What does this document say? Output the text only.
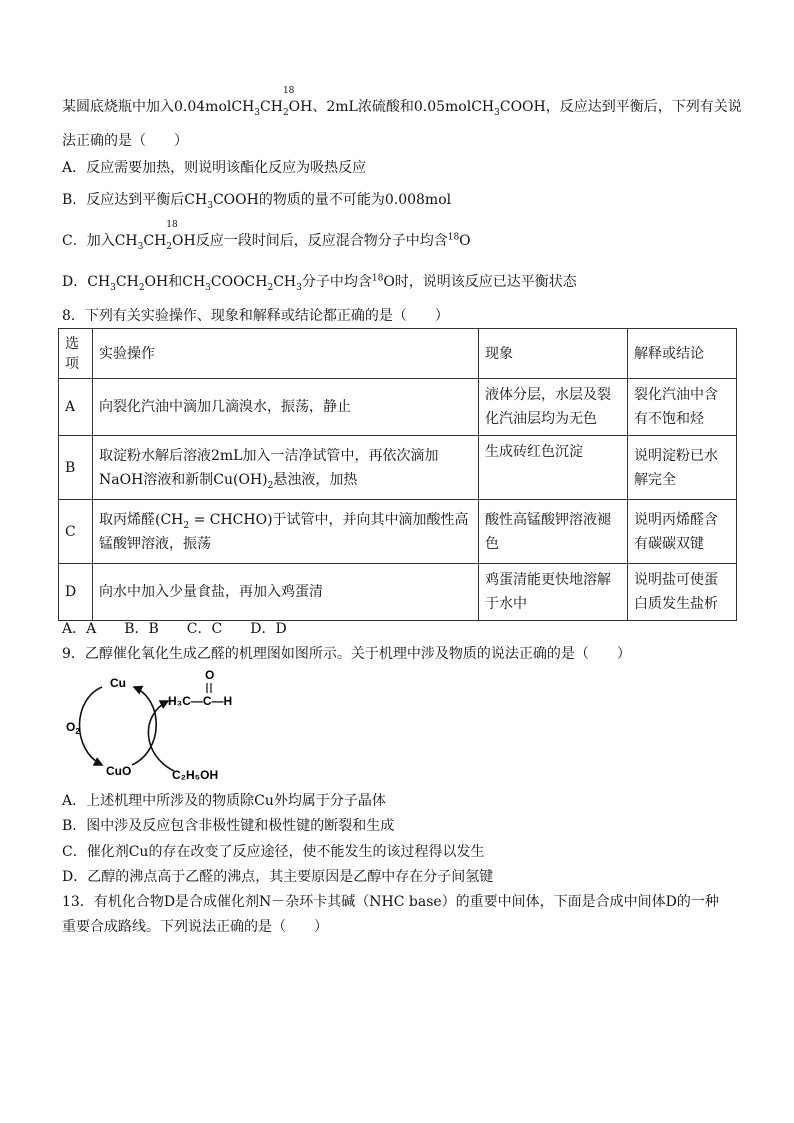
某圆底烧瓶中加入0.04molCH$_3$CH
18
$_2$OH、2mL浓硫酸和0.05molCH$_3$COOH，反应达到平衡后，下列有关说
法正确的是（　　）
A．反应需要加热，则说明该酯化反应为吸热反应
B．反应达到平衡后$CH_3COOH$的物质的量不可能为0.008mol
C．加入$CH_3CH$
18
$_2$OH反应一段时间后，反应混合物分子中均含$^{18}$O
D．$CH_3CH_2OH$和$CH_3COOCH_2CH_3$分子中均含$^{18}$O时，说明该反应已达平衡状态
8．下列有关实验操作、现象和解释或结论都正确的是（　　）
选
项	实验操作	现象	解释或结论
A	向裂化汽油中滴加几滴溴水，振荡，静止	液体分层，水层及裂化汽油层均为无色	裂化汽油中含有不饱和烃
B	取淀粉水解后溶液2mL加入一洁净试管中，再依次滴加
NaOH溶液和新制$Cu(OH)_2$悬浊液，加热	生成砖红色沉淀	说明淀粉已水解完全
C	取丙烯醛($CH_2$ = CHCHO)于试管中，并向其中滴加酸性高锰酸钾溶液，振荡	酸性高锰酸钾溶液褪色	说明丙烯醛含有碳碳双键
D	向水中加入少量食盐，再加入鸡蛋清	鸡蛋清能更快地溶解于水中	说明盐可使蛋白质发生盐析
A．A　　B．B　　C．C　　D．D
9．乙醇催化氧化生成乙醛的机理图如图所示。关于机理中涉及物质的说法正确的是（　　）
Cu
CuO
$O_2$
H₃C—C—H
O
C₂H₅OH
A．上述机理中所涉及的物质除Cu外均属于分子晶体
B．图中涉及反应包含非极性键和极性键的断裂和生成
C．催化剂Cu的存在改变了反应途径，使不能发生的该过程得以发生
D．乙醇的沸点高于乙醛的沸点，其主要原因是乙醇中存在分子间氢键
13．有机化合物D是合成催化剂N－杂环卡其碱（NHC base）的重要中间体，下面是合成中间体D的一种
重要合成路线。下列说法正确的是（　　）
